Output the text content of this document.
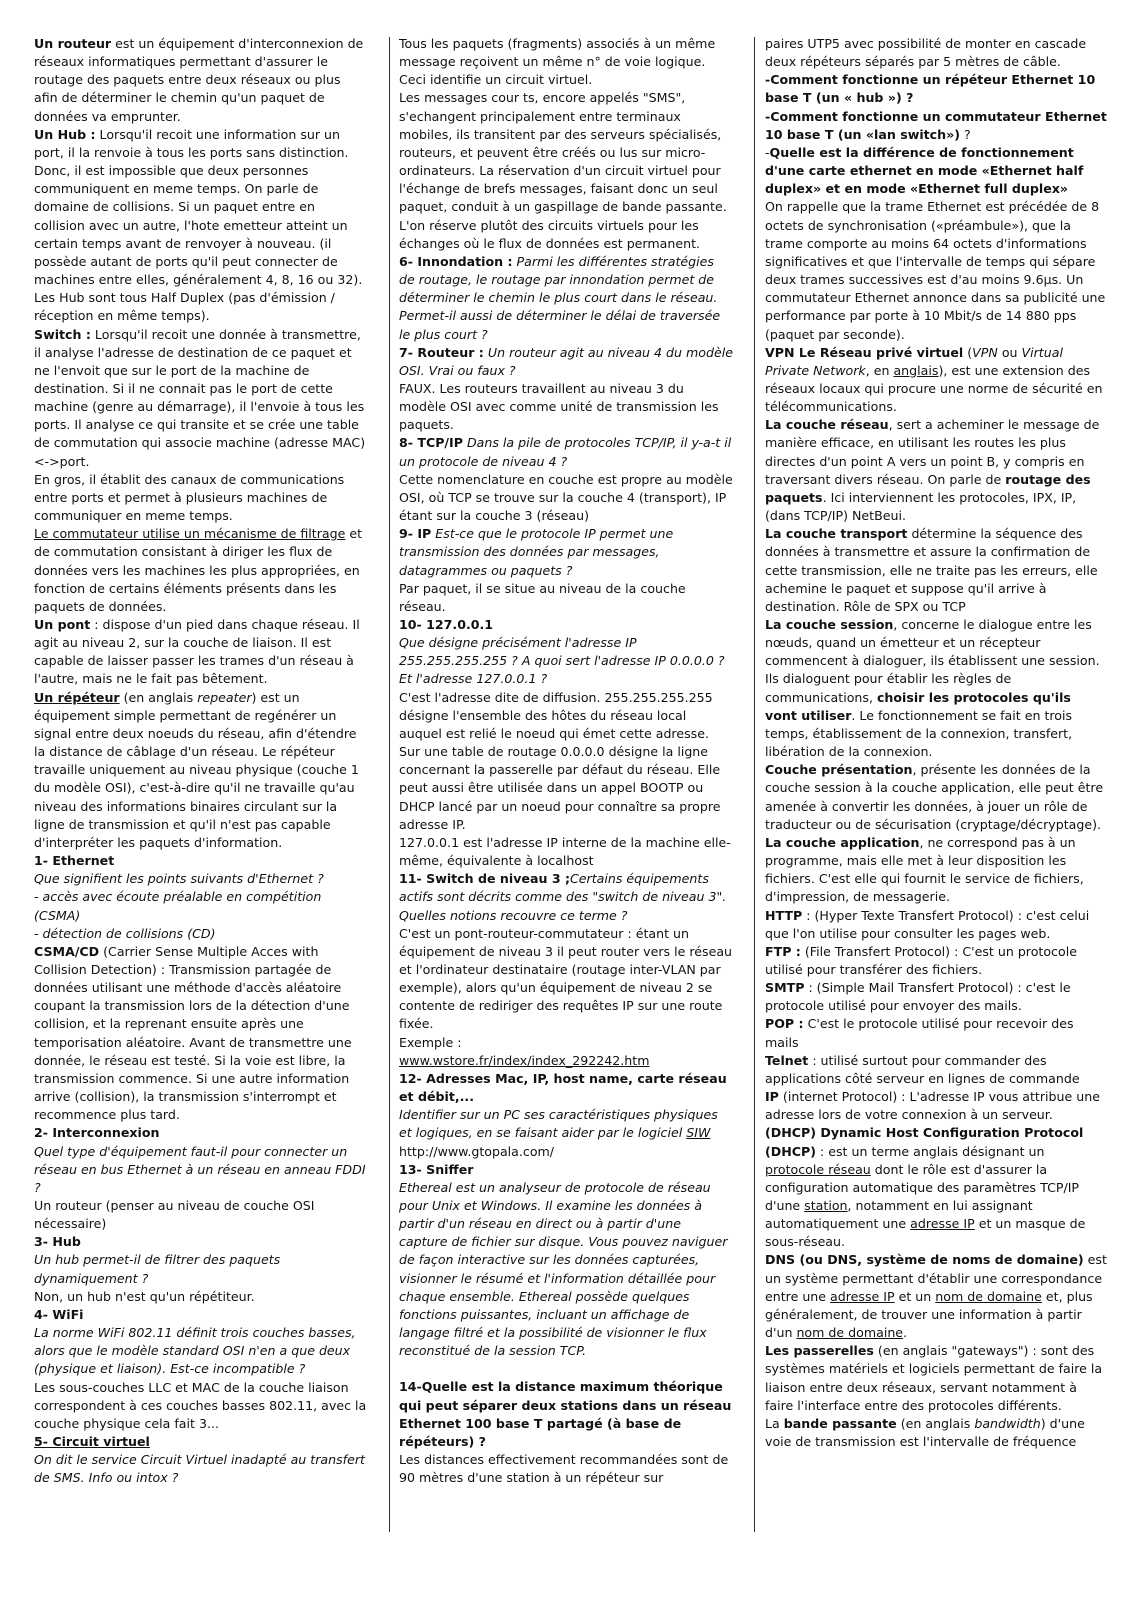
Un routeur est un équipement d'interconnexion de réseaux informatiques permettant d'assurer le routage des paquets entre deux réseaux ou plus afin de déterminer le chemin qu'un paquet de données va emprunter.

Un Hub : Lorsqu'il recoit une information sur un port, il la renvoie à tous les ports sans distinction. Donc, il est impossible que deux personnes communiquent en meme temps. On parle de domaine de collisions. Si un paquet entre en collision avec un autre, l'hote emetteur atteint un certain temps avant de renvoyer à nouveau. (il possède autant de ports qu'il peut connecter de machines entre elles, généralement 4, 8, 16 ou 32). Les Hub sont tous Half Duplex (pas d'émission / réception en même temps).

Switch : Lorsqu'il recoit une donnée à transmettre, il analyse l'adresse de destination de ce paquet et ne l'envoit que sur le port de la machine de destination. Si il ne connait pas le port de cette machine (genre au démarrage), il l'envoie à tous les ports. Il analyse ce qui transite et se crée une table de commutation qui associe machine (adresse MAC)<->port.

En gros, il établit des canaux de communications entre ports et permet à plusieurs machines de communiquer en meme temps.

Le commutateur utilise un mécanisme de filtrage et de commutation consistant à diriger les flux de données vers les machines les plus appropriées, en fonction de certains éléments présents dans les paquets de données.

Un pont : dispose d'un pied dans chaque réseau. Il agit au niveau 2, sur la couche de liaison. Il est capable de laisser passer les trames d'un réseau à l'autre, mais ne le fait pas bêtement.

Un répéteur (en anglais repeater) est un équipement simple permettant de regénérer un signal entre deux noeuds du réseau, afin d'étendre la distance de câblage d'un réseau. Le répéteur travaille uniquement au niveau physique (couche 1 du modèle OSI), c'est-à-dire qu'il ne travaille qu'au niveau des informations binaires circulant sur la ligne de transmission et qu'il n'est pas capable d'interpréter les paquets d'information.

1- Ethernet

Que signifient les points suivants d'Ethernet ?

- accès avec écoute préalable en compétition (CSMA)

- détection de collisions (CD)

CSMA/CD (Carrier Sense Multiple Acces with Collision Detection) : Transmission partagée de données utilisant une méthode d'accès aléatoire coupant la transmission lors de la détection d'une collision, et la reprenant ensuite après une temporisation aléatoire. Avant de transmettre une donnée, le réseau est testé. Si la voie est libre, la transmission commence. Si une autre information arrive (collision), la transmission s'interrompt et recommence plus tard.

2- Interconnexion

Quel type d'équipement faut-il pour connecter un réseau en bus Ethernet à un réseau en anneau FDDI ?

Un routeur (penser au niveau de couche OSI nécessaire)

3- Hub

Un hub permet-il de filtrer des paquets dynamiquement ?

Non, un hub n'est qu'un répétiteur.

4- WiFi

La norme WiFi 802.11 définit trois couches basses, alors que le modèle standard OSI n'en a que deux (physique et liaison). Est-ce incompatible ?

Les sous-couches LLC et MAC de la couche liaison correspondent à ces couches basses 802.11, avec la couche physique cela fait 3...

5- Circuit virtuel

On dit le service Circuit Virtuel inadapté au transfert de SMS. Info ou intox ?

Tous les paquets (fragments) associés à un même message reçoivent un même n° de voie logique. Ceci identifie un circuit virtuel.

Les messages cour ts, encore appelés "SMS", s'echangent principalement entre terminaux mobiles, ils transitent par des serveurs spécialisés, routeurs, et peuvent être créés ou lus sur micro-ordinateurs. La réservation d'un circuit virtuel pour l'échange de brefs messages, faisant donc un seul paquet, conduit à un gaspillage de bande passante. L'on réserve plutôt des circuits virtuels pour les échanges où le flux de données est permanent.

6- Innondation : Parmi les différentes stratégies de routage, le routage par innondation permet de déterminer le chemin le plus court dans le réseau. Permet-il aussi de déterminer le délai de traversée le plus court ?

7- Routeur : Un routeur agit au niveau 4 du modèle OSI. Vrai ou faux ?

FAUX. Les routeurs travaillent au niveau 3 du modèle OSI avec comme unité de transmission les paquets.

8- TCP/IP Dans la pile de protocoles TCP/IP, il y-a-t il un protocole de niveau 4 ?

Cette nomenclature en couche est propre au modèle OSI, où TCP se trouve sur la couche 4 (transport), IP étant sur la couche 3 (réseau)

9- IP Est-ce que le protocole IP permet une transmission des données par messages, datagrammes ou paquets ?

Par paquet, il se situe au niveau de la couche réseau.

10- 127.0.0.1

Que désigne précisément l'adresse IP 255.255.255.255 ? A quoi sert l'adresse IP 0.0.0.0 ? Et l'adresse 127.0.0.1 ?

C'est l'adresse dite de diffusion. 255.255.255.255 désigne l'ensemble des hôtes du réseau local auquel est relié le noeud qui émet cette adresse. Sur une table de routage 0.0.0.0 désigne la ligne concernant la passerelle par défaut du réseau. Elle peut aussi être utilisée dans un appel BOOTP ou DHCP lancé par un noeud pour connaître sa propre adresse IP.

127.0.0.1 est l'adresse IP interne de la machine elle-même, équivalente à localhost

11- Switch de niveau 3 ;Certains équipements actifs sont décrits comme des "switch de niveau 3". Quelles notions recouvre ce terme ?

C'est un pont-routeur-commutateur : étant un équipement de niveau 3 il peut router vers le réseau et l'ordinateur destinataire (routage inter-VLAN par exemple), alors qu'un équipement de niveau 2 se contente de rediriger des requêtes IP sur une route fixée.

Exemple :

www.wstore.fr/index/index_292242.htm

12- Adresses Mac, IP, host name, carte réseau et débit,...

Identifier sur un PC ses caractéristiques physiques et logiques, en se faisant aider par le logiciel SIW

http://www.gtopala.com/

13- Sniffer

Ethereal est un analyseur de protocole de réseau pour Unix et Windows. Il examine les données à partir d'un réseau en direct ou à partir d'une capture de fichier sur disque. Vous pouvez naviguer de façon interactive sur les données capturées, visionner le résumé et l'information détaillée pour chaque ensemble. Ethereal possède quelques fonctions puissantes, incluant un affichage de langage filtré et la possibilité de visionner le flux reconstitué de la session TCP.

14-Quelle est la distance maximum théorique qui peut séparer deux stations dans un réseau Ethernet 100 base T partagé (à base de répéteurs) ?

Les distances effectivement recommandées sont de 90 mètres d'une station à un répéteur sur

paires UTP5 avec possibilité de monter en cascade deux répéteurs séparés par 5 mètres de câble.

-Comment fonctionne un répéteur Ethernet 10 base T (un « hub ») ?

-Comment fonctionne un commutateur Ethernet 10 base T (un «lan switch») ?

-Quelle est la différence de fonctionnement d'une carte ethernet en mode «Ethernet half duplex» et en mode «Ethernet full duplex»

On rappelle que la trame Ethernet est précédée de 8 octets de synchronisation («préambule»), que la trame comporte au moins 64 octets d'informations significatives et que l'intervalle de temps qui sépare deux trames successives est d'au moins 9.6µs. Un commutateur Ethernet annonce dans sa publicité une performance par porte à 10 Mbit/s de 14 880 pps (paquet par seconde).

VPN Le Réseau privé virtuel (VPN ou Virtual Private Network, en anglais), est une extension des réseaux locaux qui procure une norme de sécurité en télécommunications.

La couche réseau, sert a acheminer le message de manière efficace, en utilisant les routes les plus directes d'un point A vers un point B, y compris en traversant divers réseau. On parle de routage des paquets. Ici interviennent les protocoles, IPX, IP,(dans TCP/IP) NetBeui.

La couche transport détermine la séquence des données à transmettre et assure la confirmation de cette transmission, elle ne traite pas les erreurs, elle achemine le paquet et suppose qu'il arrive à destination. Rôle de SPX ou TCP

La couche session, concerne le dialogue entre les nœuds, quand un émetteur et un récepteur commencent à dialoguer, ils établissent une session. Ils dialoguent pour établir les règles de communications, choisir les protocoles qu'ils vont utiliser. Le fonctionnement se fait en trois temps, établissement de la connexion, transfert, libération de la connexion.

Couche présentation, présente les données de la couche session à la couche application, elle peut être amenée à convertir les données, à jouer un rôle de traducteur ou de sécurisation (cryptage/décryptage).

La couche application, ne correspond pas à un programme, mais elle met à leur disposition les fichiers. C'est elle qui fournit le service de fichiers, d'impression, de messagerie.

HTTP : (Hyper Texte Transfert Protocol) : c'est celui que l'on utilise pour consulter les pages web.

FTP : (File Transfert Protocol) : C'est un protocole utilisé pour transférer des fichiers.

SMTP : (Simple Mail Transfert Protocol) : c'est le protocole utilisé pour envoyer des mails.

POP : C'est le protocole utilisé pour recevoir des mails

Telnet : utilisé surtout pour commander des applications côté serveur en lignes de commande

IP (internet Protocol) : L'adresse IP vous attribue une adresse lors de votre connexion à un serveur.

(DHCP) Dynamic Host Configuration Protocol (DHCP) : est un terme anglais désignant un protocole réseau dont le rôle est d'assurer la configuration automatique des paramètres TCP/IP d'une station, notamment en lui assignant automatiquement une adresse IP et un masque de sous-réseau.

DNS (ou DNS, système de noms de domaine) est un système permettant d'établir une correspondance entre une adresse IP et un nom de domaine et, plus généralement, de trouver une information à partir d'un nom de domaine.

Les passerelles (en anglais "gateways") : sont des systèmes matériels et logiciels permettant de faire la liaison entre deux réseaux, servant notamment à faire l'interface entre des protocoles différents.

La bande passante (en anglais bandwidth) d'une voie de transmission est l'intervalle de fréquence
